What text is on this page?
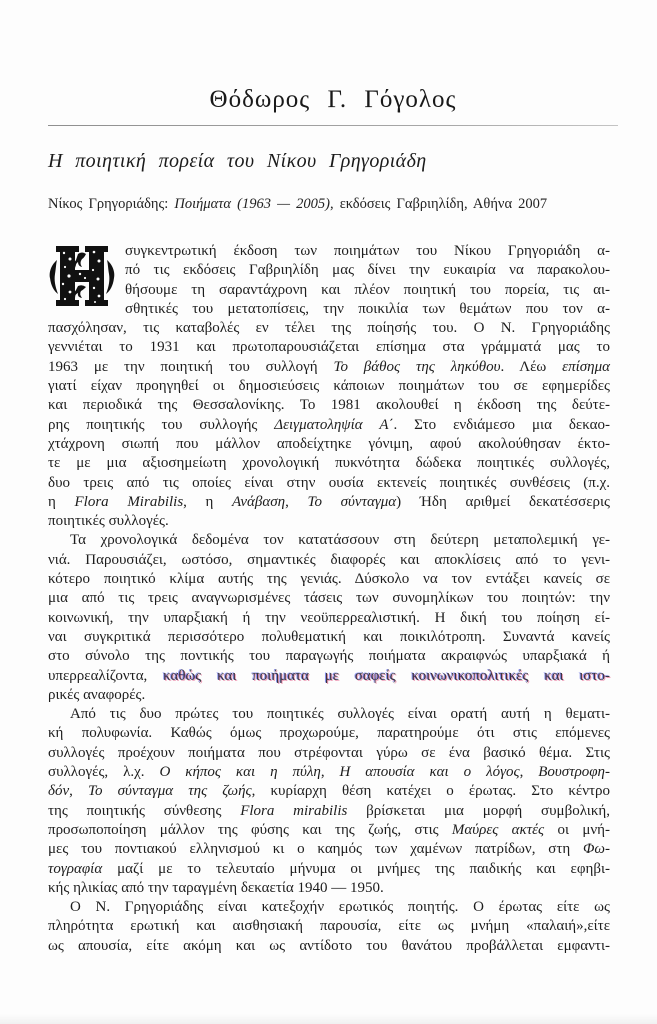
Θόδωρος Γ. Γόγολος
Η ποιητική πορεία του Νίκου Γρηγοριάδη
Νίκος Γρηγοριάδης: Ποιήματα (1963 — 2005), εκδόσεις Γαβριηλίδη, Αθήνα 2007
συγκεντρωτική έκδοση των ποιημάτων του Νίκου Γρηγοριάδη α-
πό τις εκδόσεις Γαβριηλίδη μας δίνει την ευκαιρία να παρακολου-
θήσουμε τη σαραντάχρονη και πλέον ποιητική του πορεία, τις αι-
σθητικές του μετατοπίσεις, την ποικιλία των θεμάτων που τον α-
πασχόλησαν, τις καταβολές εν τέλει της ποίησής του. Ο Ν. Γρηγοριάδης
γεννιέται το 1931 και πρωτοπαρουσιάζεται επίσημα στα γράμματά μας το
1963 με την ποιητική του συλλογή Το βάθος της ληκύθου. Λέω επίσημα
γιατί είχαν προηγηθεί οι δημοσιεύσεις κάποιων ποιημάτων του σε εφημερίδες
και περιοδικά της Θεσσαλονίκης. Το 1981 ακολουθεί η έκδοση της δεύτε-
ρης ποιητικής του συλλογής Δειγματοληψία Α΄. Στο ενδιάμεσο μια δεκαο-
χτάχρονη σιωπή που μάλλον αποδείχτηκε γόνιμη, αφού ακολούθησαν έκτο-
τε με μια αξιοσημείωτη χρονολογική πυκνότητα δώδεκα ποιητικές συλλογές,
δυο τρεις από τις οποίες είναι στην ουσία εκτενείς ποιητικές συνθέσεις (π.χ.
η Flora Mirabilis, η Ανάβαση, Το σύνταγμα) Ήδη αριθμεί δεκατέσσερις
ποιητικές συλλογές.
Τα χρονολογικά δεδομένα τον κατατάσσουν στη δεύτερη μεταπολεμική γε-
νιά. Παρουσιάζει, ωστόσο, σημαντικές διαφορές και αποκλίσεις από το γενι-
κότερο ποιητικό κλίμα αυτής της γενιάς. Δύσκολο να τον εντάξει κανείς σε
μια από τις τρεις αναγνωρισμένες τάσεις των συνομηλίκων του ποιητών: την
κοινωνική, την υπαρξιακή ή την νεοϋπερρεαλιστική. Η δική του ποίηση εί-
ναι συγκριτικά περισσότερο πολυθεματική και ποικιλότροπη. Συναντά κανείς
στο σύνολο της ποντικής του παραγωγής ποιήματα ακραιφνώς υπαρξιακά ή
υπερρεαλίζοντα, καθώς και ποιήματα με σαφείς κοινωνικοπολιτικές και ιστο-
ρικές αναφορές.
Από τις δυο πρώτες του ποιητικές συλλογές είναι ορατή αυτή η θεματι-
κή πολυφωνία. Καθώς όμως προχωρούμε, παρατηρούμε ότι στις επόμενες
συλλογές προέχουν ποιήματα που στρέφονται γύρω σε ένα βασικό θέμα. Στις
συλλογές, λ.χ. Ο κήπος και η πύλη, Η απουσία και ο λόγος, Βουστροφη-
δόν, Το σύνταγμα της ζωής, κυρίαρχη θέση κατέχει ο έρωτας. Στο κέντρο
της ποιητικής σύνθεσης Flora mirabilis βρίσκεται μια μορφή συμβολική,
προσωποποίηση μάλλον της φύσης και της ζωής, στις Μαύρες ακτές οι μνή-
μες του ποντιακού ελληνισμού κι ο καημός των χαμένων πατρίδων, στη Φω-
τογραφία μαζί με το τελευταίο μήνυμα οι μνήμες της παιδικής και εφηβι-
κής ηλικίας από την ταραγμένη δεκαετία 1940 — 1950.
Ο Ν. Γρηγοριάδης είναι κατεξοχήν ερωτικός ποιητής. Ο έρωτας είτε ως
πληρότητα ερωτική και αισθησιακή παρουσία, είτε ως μνήμη «παλαιή»,είτε
ως απουσία, είτε ακόμη και ως αντίδοτο του θανάτου προβάλλεται εμφαντι-
